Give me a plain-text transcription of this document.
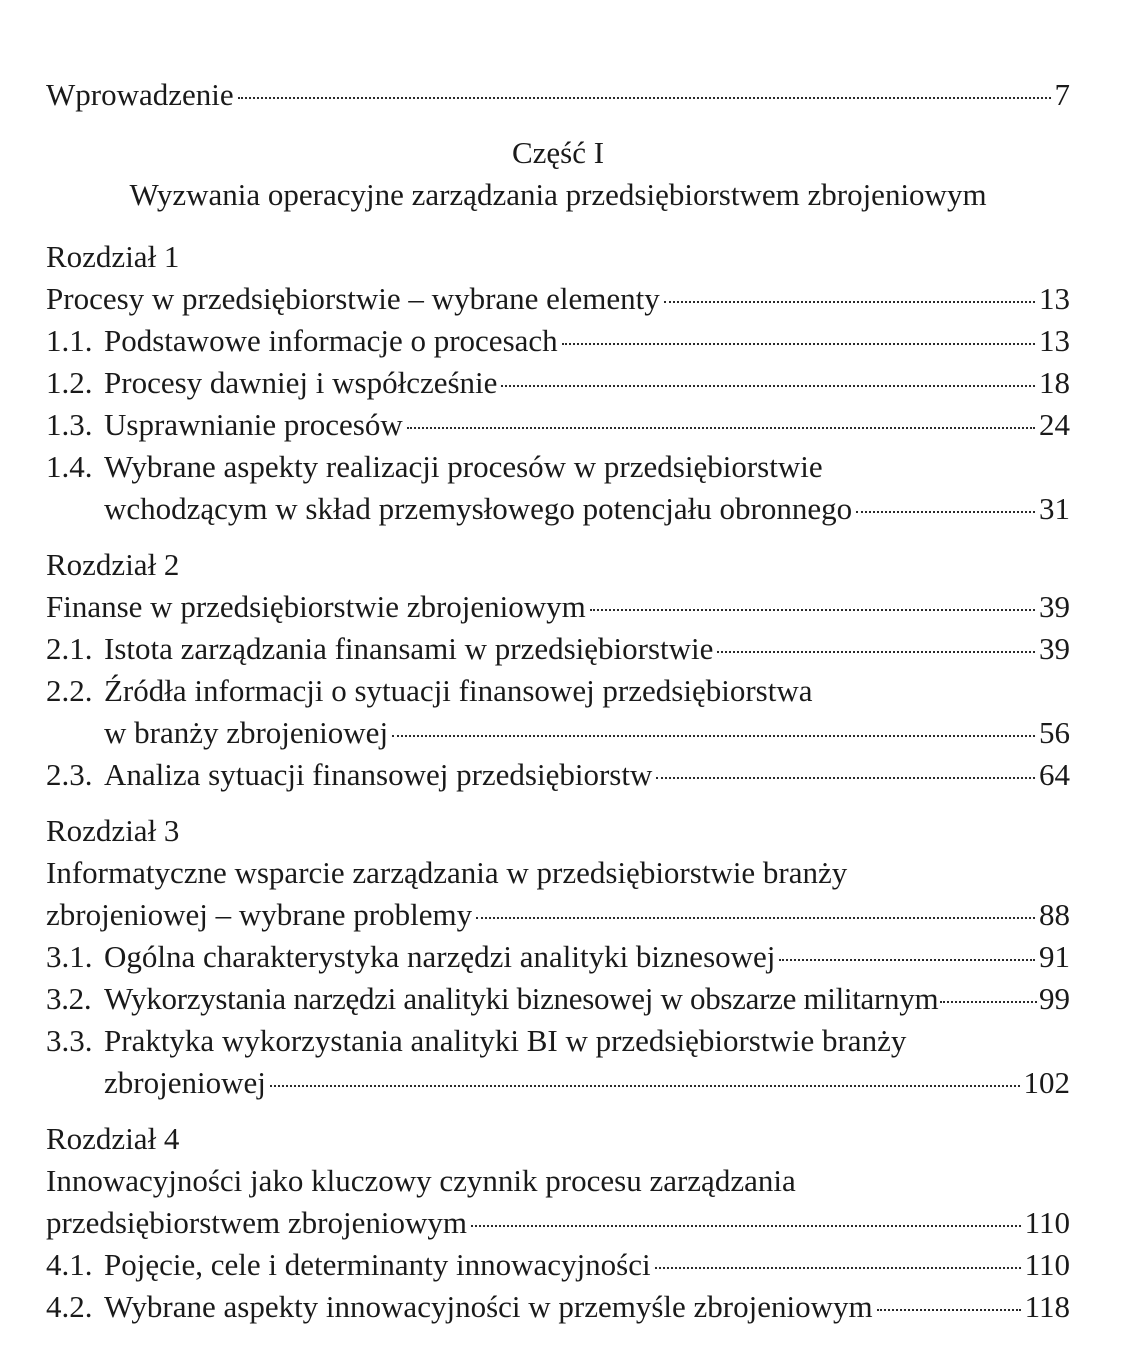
Wprowadzenie	7
Część I
Wyzwania operacyjne zarządzania przedsiębiorstwem zbrojeniowym
Rozdział 1
Procesy w przedsiębiorstwie – wybrane elementy	13
1.1. Podstawowe informacje o procesach	13
1.2. Procesy dawniej i współcześnie	18
1.3. Usprawnianie procesów	24
1.4. Wybrane aspekty realizacji procesów w przedsiębiorstwie
wchodzącym w skład przemysłowego potencjału obronnego	31
Rozdział 2
Finanse w przedsiębiorstwie zbrojeniowym	39
2.1. Istota zarządzania finansami w przedsiębiorstwie	39
2.2. Źródła informacji o sytuacji finansowej przedsiębiorstwa
w branży zbrojeniowej	56
2.3. Analiza sytuacji finansowej przedsiębiorstw	64
Rozdział 3
Informatyczne wsparcie zarządzania w przedsiębiorstwie branży
zbrojeniowej – wybrane problemy	88
3.1. Ogólna charakterystyka narzędzi analityki biznesowej	91
3.2. Wykorzystania narzędzi analityki biznesowej w obszarze militarnym	99
3.3. Praktyka wykorzystania analityki BI w przedsiębiorstwie branży
zbrojeniowej	102
Rozdział 4
Innowacyjności jako kluczowy czynnik procesu zarządzania
przedsiębiorstwem zbrojeniowym	110
4.1. Pojęcie, cele i determinanty innowacyjności	110
4.2. Wybrane aspekty innowacyjności w przemyśle zbrojeniowym	118
